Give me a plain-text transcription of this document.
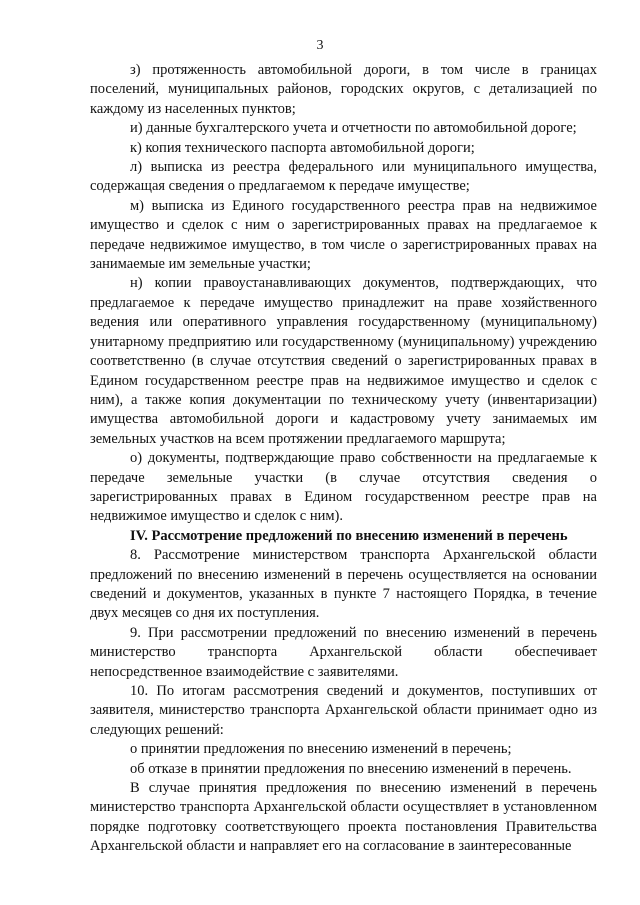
3

з) протяженность автомобильной дороги, в том числе в границах поселений, муниципальных районов, городских округов, с детализацией по каждому из населенных пунктов;

и) данные бухгалтерского учета и отчетности по автомобильной дороге;

к) копия технического паспорта автомобильной дороги;

л) выписка из реестра федерального или муниципального имущества, содержащая сведения о предлагаемом к передаче имуществе;

м) выписка из Единого государственного реестра прав на недвижимое имущество и сделок с ним о зарегистрированных правах на предлагаемое к передаче недвижимое имущество, в том числе о зарегистрированных правах на занимаемые им земельные участки;

н) копии правоустанавливающих документов, подтверждающих, что предлагаемое к передаче имущество принадлежит на праве хозяйственного ведения или оперативного управления государственному (муниципальному) унитарному предприятию или государственному (муниципальному) учреждению соответственно (в случае отсутствия сведений о зарегистрированных правах в Едином государственном реестре прав на недвижимое имущество и сделок с ним), а также копия документации по техническому учету (инвентаризации) имущества автомобильной дороги и кадастровому учету занимаемых им земельных участков на всем протяжении предлагаемого маршрута;

о) документы, подтверждающие право собственности на предлагаемые к передаче земельные участки (в случае отсутствия сведения о зарегистрированных правах в Едином государственном реестре прав на недвижимое имущество и сделок с ним).

IV. Рассмотрение предложений по внесению изменений в перечень

8. Рассмотрение министерством транспорта Архангельской области предложений по внесению изменений в перечень осуществляется на основании сведений и документов, указанных в пункте 7 настоящего Порядка, в течение двух месяцев со дня их поступления.

9. При рассмотрении предложений по внесению изменений в перечень министерство транспорта Архангельской области обеспечивает непосредственное взаимодействие с заявителями.

10. По итогам рассмотрения сведений и документов, поступивших от заявителя, министерство транспорта Архангельской области принимает одно из следующих решений:

о принятии предложения по внесению изменений в перечень;

об отказе в принятии предложения по внесению изменений в перечень.

В случае принятия предложения по внесению изменений в перечень министерство транспорта Архангельской области осуществляет в установленном порядке подготовку соответствующего проекта постановления Правительства Архангельской области и направляет его на согласование в заинтересованные
